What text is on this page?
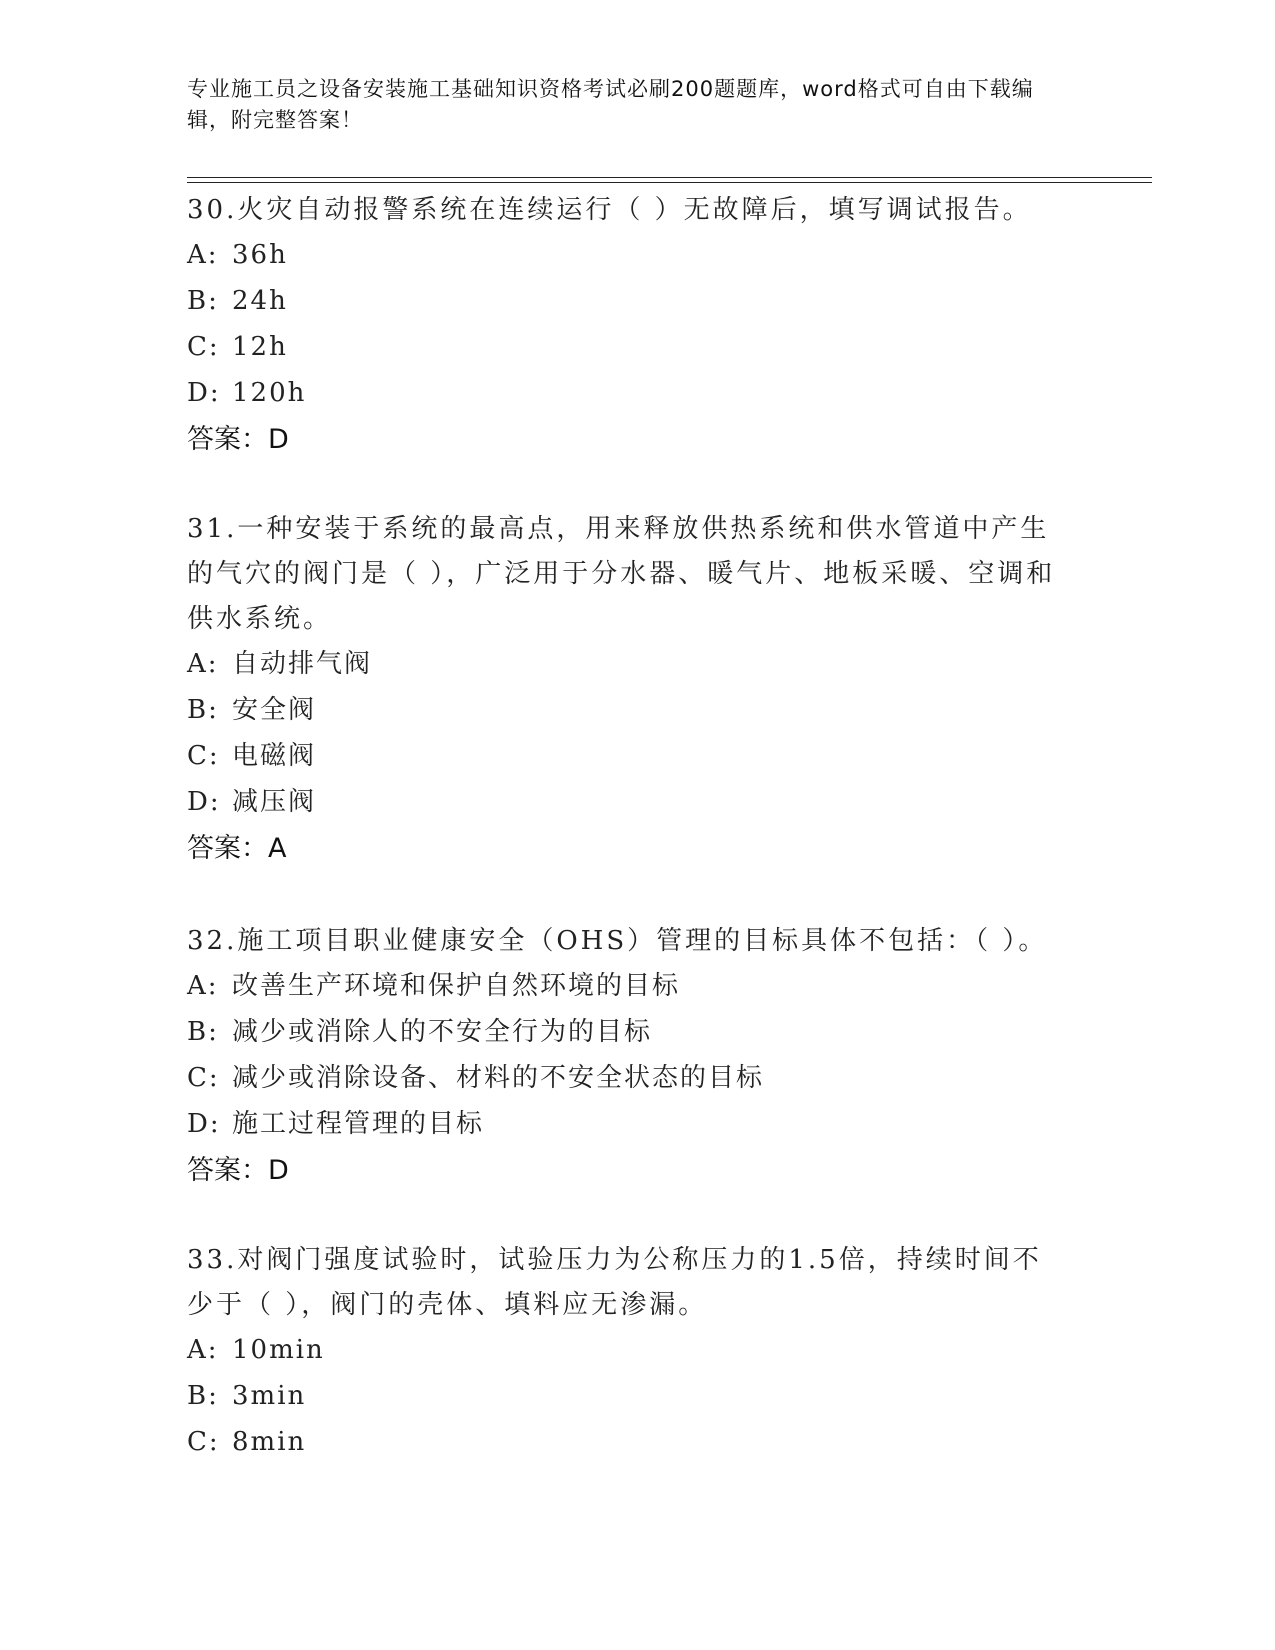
专业施工员之设备安装施工基础知识资格考试必刷200题题库，word格式可自由下载编辑，附完整答案！
30.火灾自动报警系统在连续运行（ ）无故障后，填写调试报告。
A: 36h
B: 24h
C: 12h
D: 120h
答案：D
31.一种安装于系统的最高点，用来释放供热系统和供水管道中产生的气穴的阀门是（ ），广泛用于分水器、暖气片、地板采暖、空调和供水系统。
A: 自动排气阀
B: 安全阀
C: 电磁阀
D: 减压阀
答案：A
32.施工项目职业健康安全（OHS）管理的目标具体不包括：（ ）。
A: 改善生产环境和保护自然环境的目标
B: 减少或消除人的不安全行为的目标
C: 减少或消除设备、材料的不安全状态的目标
D: 施工过程管理的目标
答案：D
33.对阀门强度试验时，试验压力为公称压力的1.5倍，持续时间不少于（ ），阀门的壳体、填料应无渗漏。
A: 10min
B: 3min
C: 8min
